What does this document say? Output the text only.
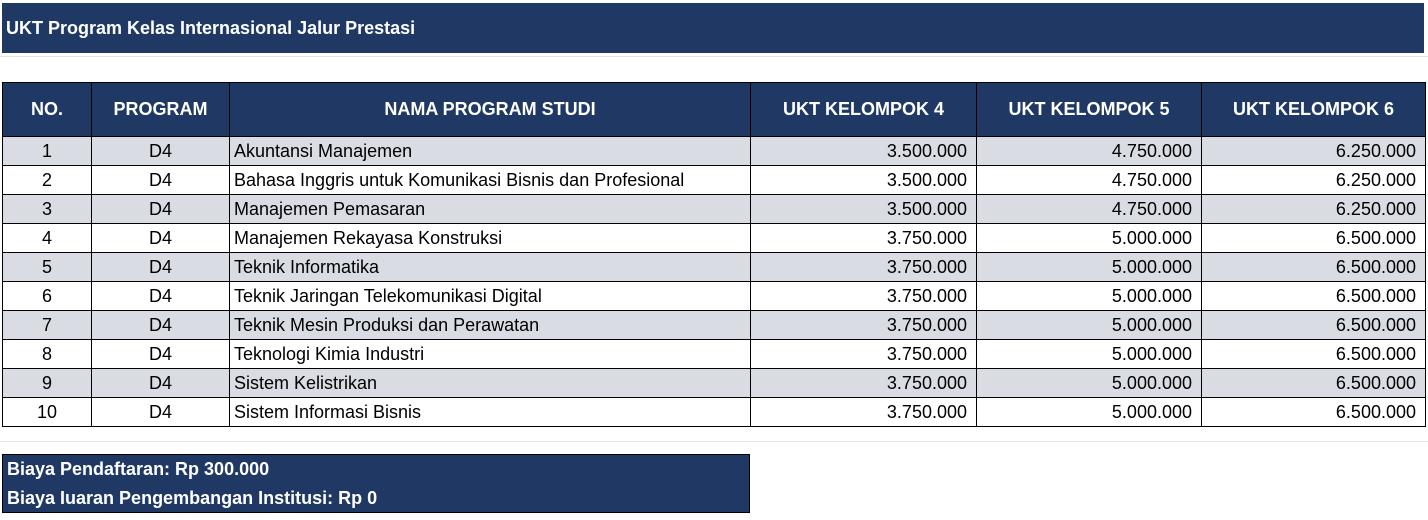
UKT Program Kelas Internasional Jalur Prestasi
NO.	PROGRAM	NAMA PROGRAM STUDI	UKT KELOMPOK 4	UKT KELOMPOK 5	UKT KELOMPOK 6
1	D4	Akuntansi Manajemen	3.500.000	4.750.000	6.250.000
2	D4	Bahasa Inggris untuk Komunikasi Bisnis dan Profesional	3.500.000	4.750.000	6.250.000
3	D4	Manajemen Pemasaran	3.500.000	4.750.000	6.250.000
4	D4	Manajemen Rekayasa Konstruksi	3.750.000	5.000.000	6.500.000
5	D4	Teknik Informatika	3.750.000	5.000.000	6.500.000
6	D4	Teknik Jaringan Telekomunikasi Digital	3.750.000	5.000.000	6.500.000
7	D4	Teknik Mesin Produksi dan Perawatan	3.750.000	5.000.000	6.500.000
8	D4	Teknologi Kimia Industri	3.750.000	5.000.000	6.500.000
9	D4	Sistem Kelistrikan	3.750.000	5.000.000	6.500.000
10	D4	Sistem Informasi Bisnis	3.750.000	5.000.000	6.500.000
Biaya Pendaftaran: Rp 300.000
Biaya Iuaran Pengembangan Institusi: Rp 0
